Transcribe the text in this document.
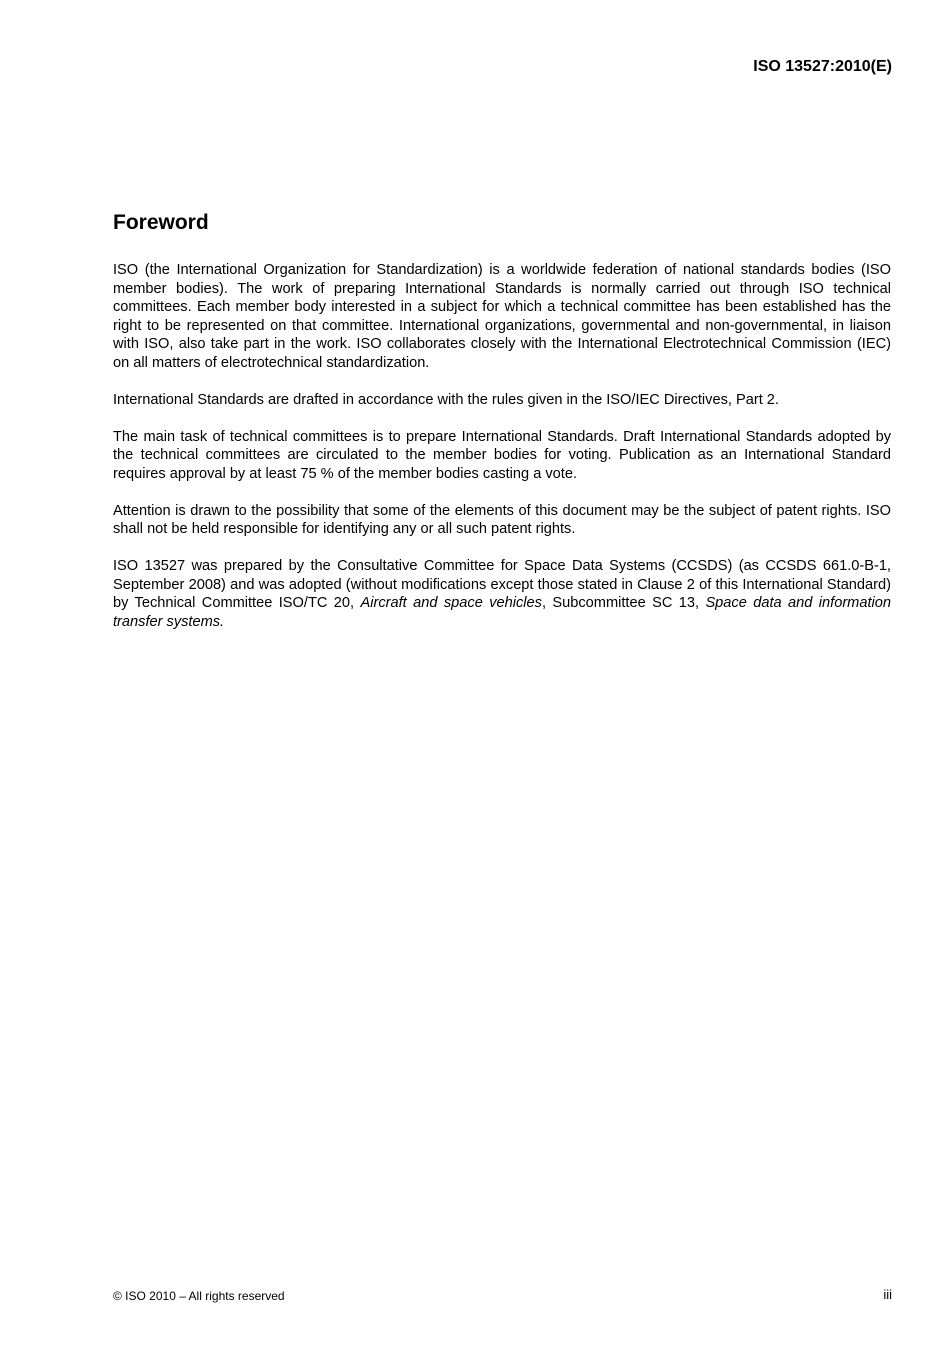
ISO 13527:2010(E)
Foreword

ISO (the International Organization for Standardization) is a worldwide federation of national standards bodies (ISO member bodies). The work of preparing International Standards is normally carried out through ISO technical committees. Each member body interested in a subject for which a technical committee has been established has the right to be represented on that committee. International organizations, governmental and non-governmental, in liaison with ISO, also take part in the work. ISO collaborates closely with the International Electrotechnical Commission (IEC) on all matters of electrotechnical standardization.

International Standards are drafted in accordance with the rules given in the ISO/IEC Directives, Part 2.

The main task of technical committees is to prepare International Standards. Draft International Standards adopted by the technical committees are circulated to the member bodies for voting. Publication as an International Standard requires approval by at least 75 % of the member bodies casting a vote.

Attention is drawn to the possibility that some of the elements of this document may be the subject of patent rights. ISO shall not be held responsible for identifying any or all such patent rights.

ISO 13527 was prepared by the Consultative Committee for Space Data Systems (CCSDS) (as CCSDS 661.0-B-1, September 2008) and was adopted (without modifications except those stated in Clause 2 of this International Standard) by Technical Committee ISO/TC 20, Aircraft and space vehicles, Subcommittee SC 13, Space data and information transfer systems.

© ISO 2010 – All rights reserved	iii
